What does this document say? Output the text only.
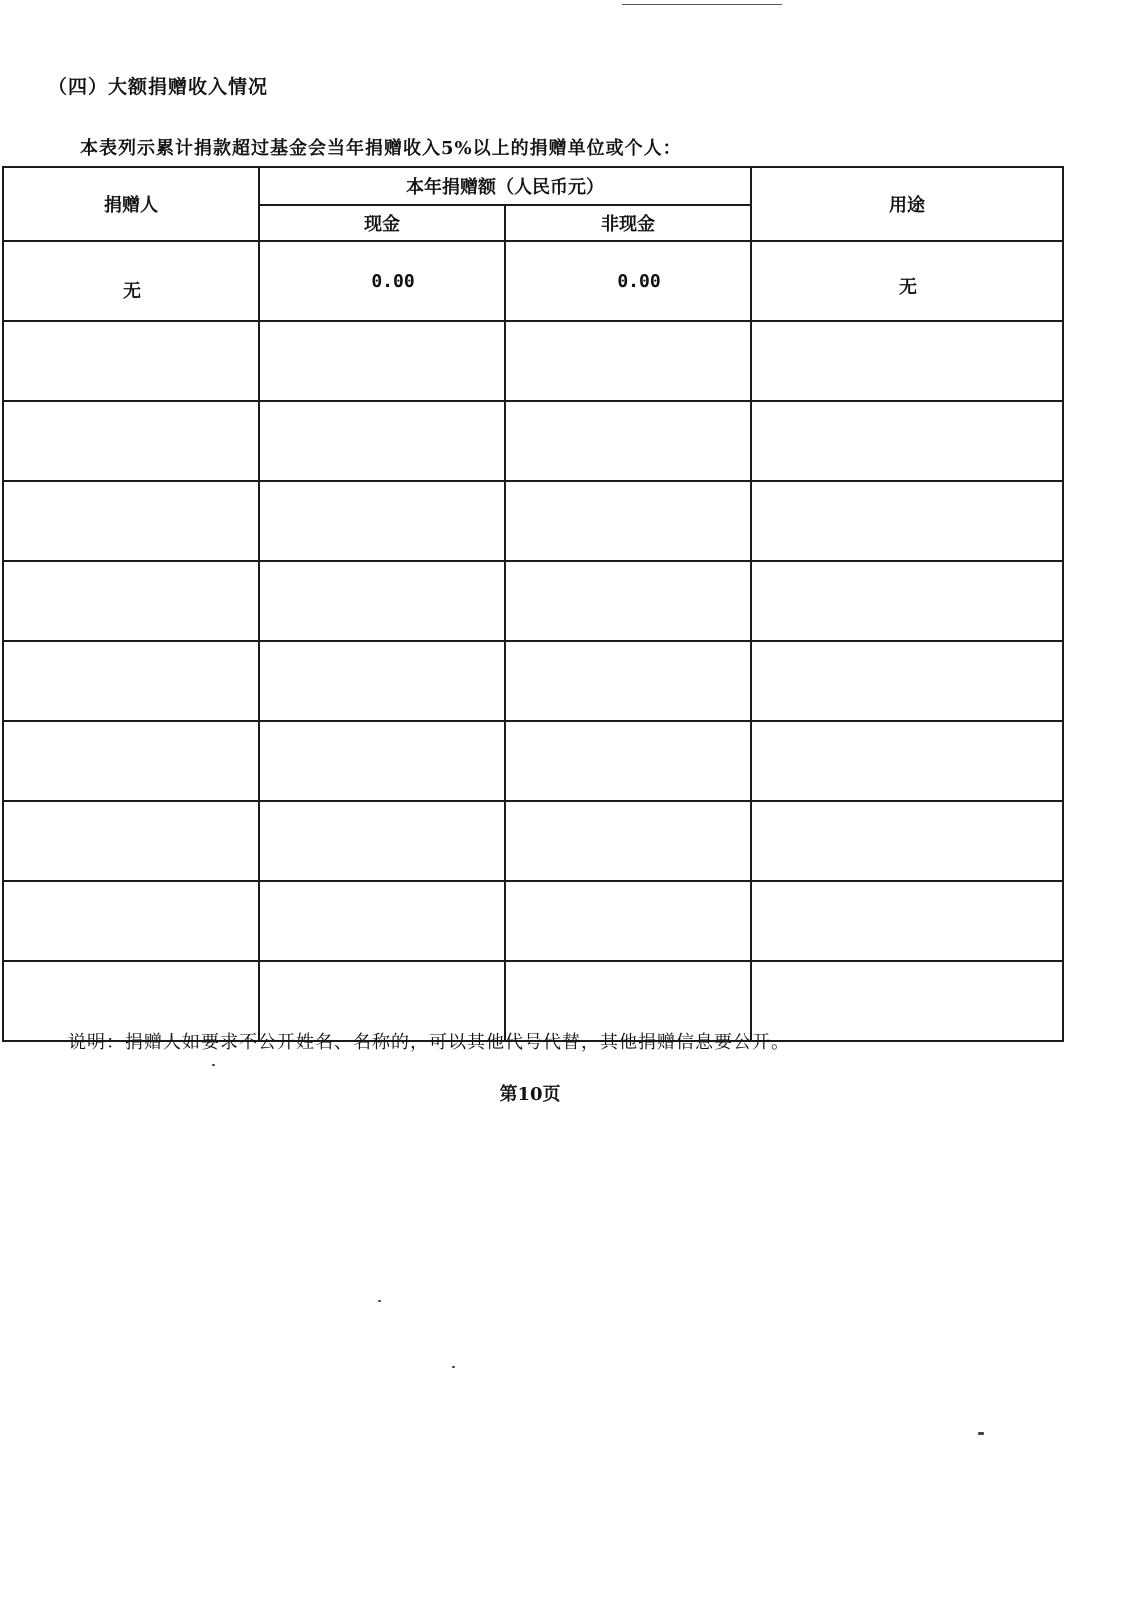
（四）大额捐赠收入情况
本表列示累计捐款超过基金会当年捐赠收入5%以上的捐赠单位或个人：
捐赠人	本年捐赠额（人民币元）		用途
	现金	非现金	
无	0.00	0.00	无

说明：捐赠人如要求不公开姓名、名称的，可以其他代号代替，其他捐赠信息要公开。
第10页
